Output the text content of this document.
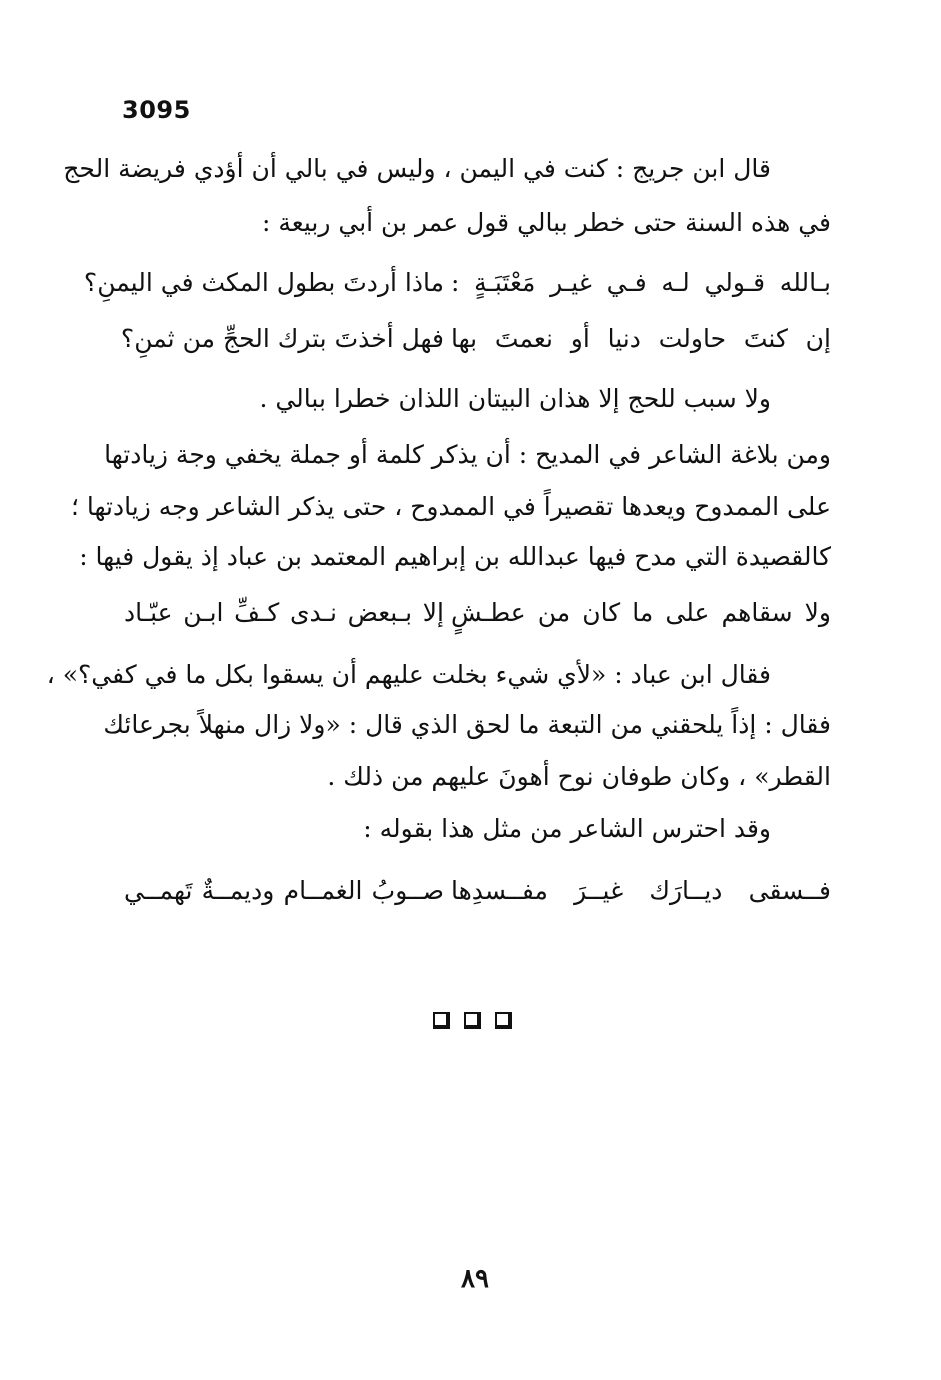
3095
قال ابن جريج : كنت في اليمن ، وليس في بالي أن أؤدي فريضة الحج
في هذه السنة حتى خطر ببالي قول عمر بن أبي ربيعة :
بـالله قـولي لـه فـي غيـر مَعْتَبَـةٍ :
ماذا أردتَ بطول المكث في اليمنِ؟
إن كنتَ حاولت دنيا أو نعمتَ بها
فهل أخذتَ بترك الحجِّ من ثمنِ؟
ولا سبب للحج إلا هذان البيتان اللذان خطرا ببالي .
ومن بلاغة الشاعر في المديح : أن يذكر كلمة أو جملة يخفي وجة زيادتها
على الممدوح ويعدها تقصيراً في الممدوح ، حتى يذكر الشاعر وجه زيادتها ؛
كالقصيدة التي مدح فيها عبدالله بن إبراهيم المعتمد بن عباد إذ يقول فيها :
ولا سقاهم على ما كان من عطـشٍ
إلا بـبعض نـدى كـفِّ ابـن عبّـاد
فقال ابن عباد : «لأي شيء بخلت عليهم أن يسقوا بكل ما في كفي؟» ،
فقال : إذاً يلحقني من التبعة ما لحق الذي قال : «ولا زال منهلاً بجرعائك
القطر» ، وكان طوفان نوح أهونَ عليهم من ذلك .
وقد احترس الشاعر من مثل هذا بقوله :
فــسقى ديــارَك غيــرَ مفــسدِها
صــوبُ الغمــام وديمــةٌ تَهمــي
٨٩
